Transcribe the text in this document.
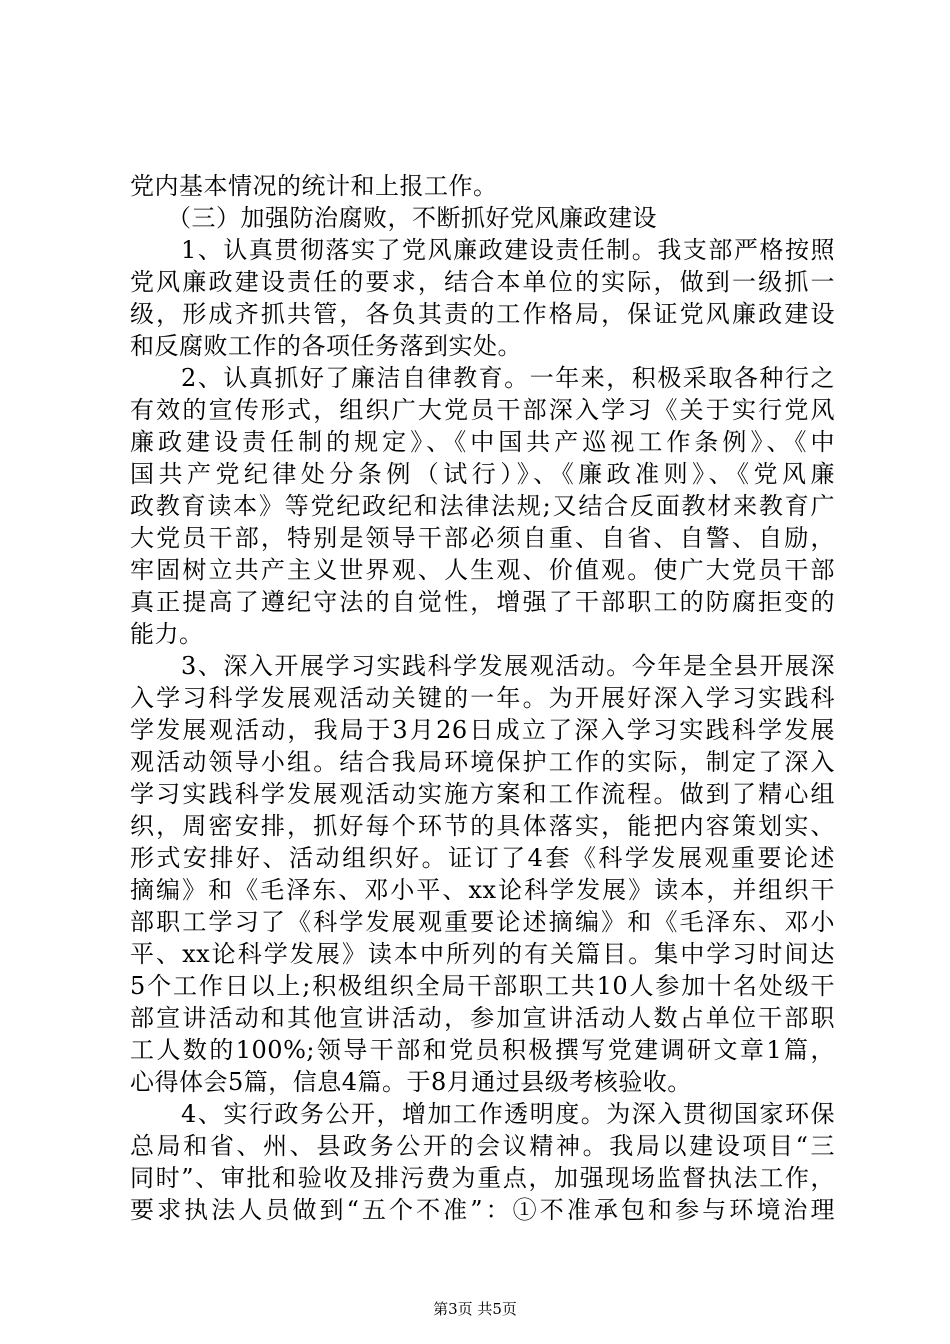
党内基本情况的统计和上报工作。
　　（三）加强防治腐败，不断抓好党风廉政建设
　　1、认真贯彻落实了党风廉政建设责任制。我支部严格按照
党风廉政建设责任的要求，结合本单位的实际，做到一级抓一
级，形成齐抓共管，各负其责的工作格局，保证党风廉政建设
和反腐败工作的各项任务落到实处。
　　2、认真抓好了廉洁自律教育。一年来，积极采取各种行之
有效的宣传形式，组织广大党员干部深入学习《关于实行党风
廉政建设责任制的规定》、《中国共产巡视工作条例》、《中
国共产党纪律处分条例（试行）》、《廉政准则》、《党风廉
政教育读本》等党纪政纪和法律法规;又结合反面教材来教育广
大党员干部，特别是领导干部必须自重、自省、自警、自励，
牢固树立共产主义世界观、人生观、价值观。使广大党员干部
真正提高了遵纪守法的自觉性，增强了干部职工的防腐拒变的
能力。
　　3、深入开展学习实践科学发展观活动。今年是全县开展深
入学习科学发展观活动关键的一年。为开展好深入学习实践科
学发展观活动，我局于3月26日成立了深入学习实践科学发展
观活动领导小组。结合我局环境保护工作的实际，制定了深入
学习实践科学发展观活动实施方案和工作流程。做到了精心组
织，周密安排，抓好每个环节的具体落实，能把内容策划实、
形式安排好、活动组织好。证订了4套《科学发展观重要论述
摘编》和《毛泽东、邓小平、xx论科学发展》读本，并组织干
部职工学习了《科学发展观重要论述摘编》和《毛泽东、邓小
平、xx论科学发展》读本中所列的有关篇目。集中学习时间达
5个工作日以上;积极组织全局干部职工共10人参加十名处级干
部宣讲活动和其他宣讲活动，参加宣讲活动人数占单位干部职
工人数的100%;领导干部和党员积极撰写党建调研文章1篇，
心得体会5篇，信息4篇。于8月通过县级考核验收。
　　4、实行政务公开，增加工作透明度。为深入贯彻国家环保
总局和省、州、县政务公开的会议精神。我局以建设项目“三
同时”、审批和验收及排污费为重点，加强现场监督执法工作，
要求执法人员做到“五个不准”：①不准承包和参与环境治理
第3页 共5页
